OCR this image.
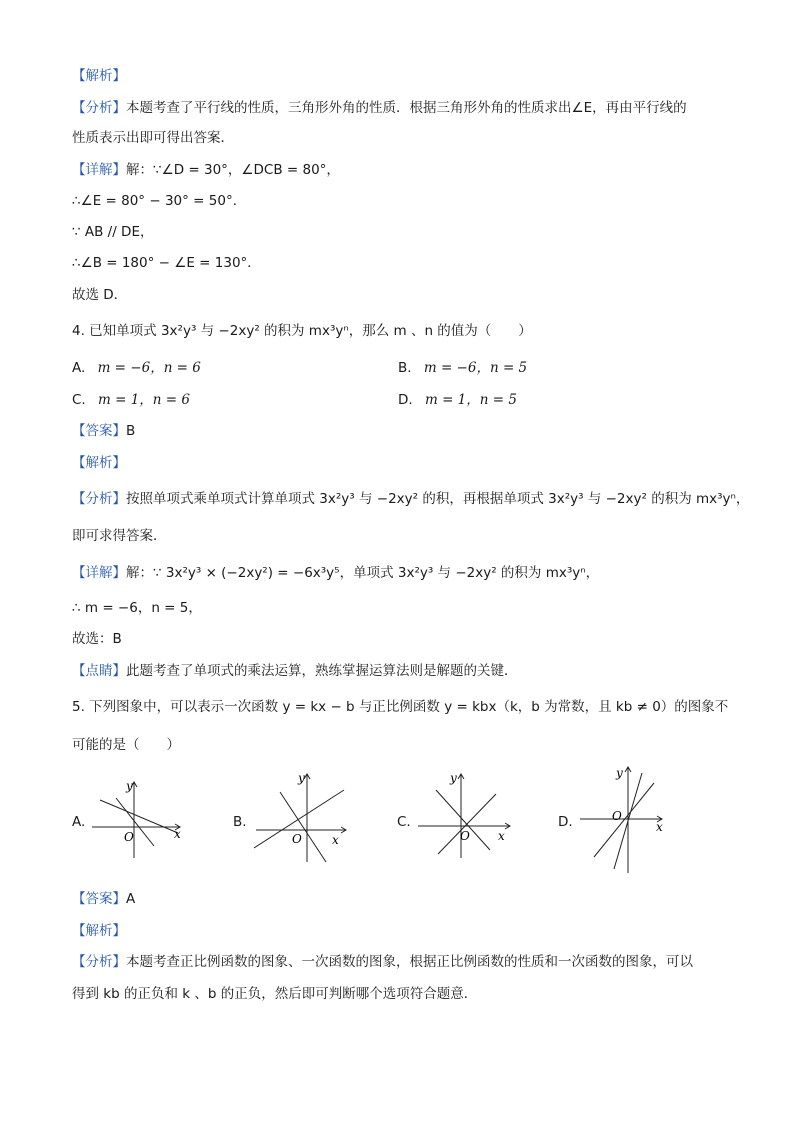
【解析】
【分析】本题考查了平行线的性质，三角形外角的性质．根据三角形外角的性质求出∠E，再由平行线的
性质表示出即可得出答案．
【详解】解：∵∠D = 30°，∠DCB = 80°，
∴∠E = 80° − 30° = 50°．
∵ AB // DE，
∴∠B = 180° − ∠E = 130°．
故选 D．
4. 已知单项式 3x²y³ 与 −2xy² 的积为 mx³yⁿ，那么 m 、n 的值为（　　）
A. m = −6，n = 6	B. m = −6，n = 5
C. m = 1，n = 6	D. m = 1，n = 5
【答案】B
【解析】
【分析】按照单项式乘单项式计算单项式 3x²y³ 与 −2xy² 的积，再根据单项式 3x²y³ 与 −2xy² 的积为 mx³yⁿ，
即可求得答案．
【详解】解：∵ 3x²y³ × (−2xy²) = −6x³y⁵，单项式 3x²y³ 与 −2xy² 的积为 mx³yⁿ，
∴ m = −6，n = 5，
故选：B
【点睛】此题考查了单项式的乘法运算，熟练掌握运算法则是解题的关键．
5. 下列图象中，可以表示一次函数 y = kx − b 与正比例函数 y = kbx（k，b 为常数，且 kb ≠ 0）的图象不
可能的是（　　）
A.
y
O	x
B.
y
O	x
C.
y
O x
D.
y
O
x
【答案】A
【解析】
【分析】本题考查正比例函数的图象、一次函数的图象，根据正比例函数的性质和一次函数的图象，可以
得到 kb 的正负和 k 、b 的正负，然后即可判断哪个选项符合题意．
